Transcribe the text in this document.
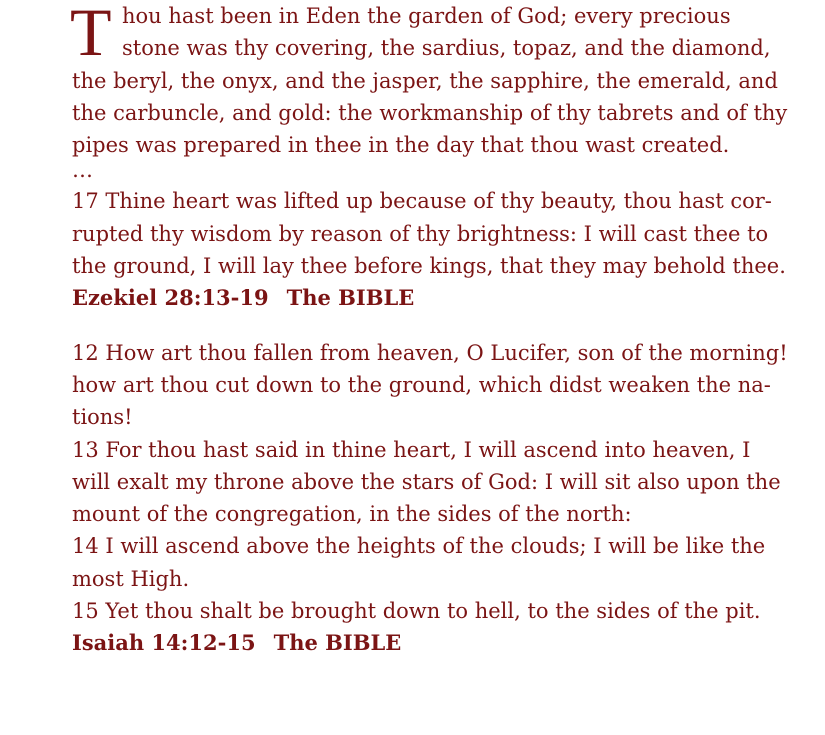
T hou hast been in Eden the garden of God; every precious
stone was thy covering, the sardius, topaz, and the diamond,
the beryl, the onyx, and the jasper, the sapphire, the emerald, and
the carbuncle, and gold: the workmanship of thy tabrets and of thy
pipes was prepared in thee in the day that thou wast created.
…
17 Thine heart was lifted up because of thy beauty, thou hast cor-
rupted thy wisdom by reason of thy brightness: I will cast thee to
the ground, I will lay thee before kings, that they may behold thee.
Ezekiel 28:13-19 The BIBLE
12 How art thou fallen from heaven, O Lucifer, son of the morning!
how art thou cut down to the ground, which didst weaken the na-
tions!
13 For thou hast said in thine heart, I will ascend into heaven, I
will exalt my throne above the stars of God: I will sit also upon the
mount of the congregation, in the sides of the north:
14 I will ascend above the heights of the clouds; I will be like the
most High.
15 Yet thou shalt be brought down to hell, to the sides of the pit.
Isaiah 14:12-15 The BIBLE
